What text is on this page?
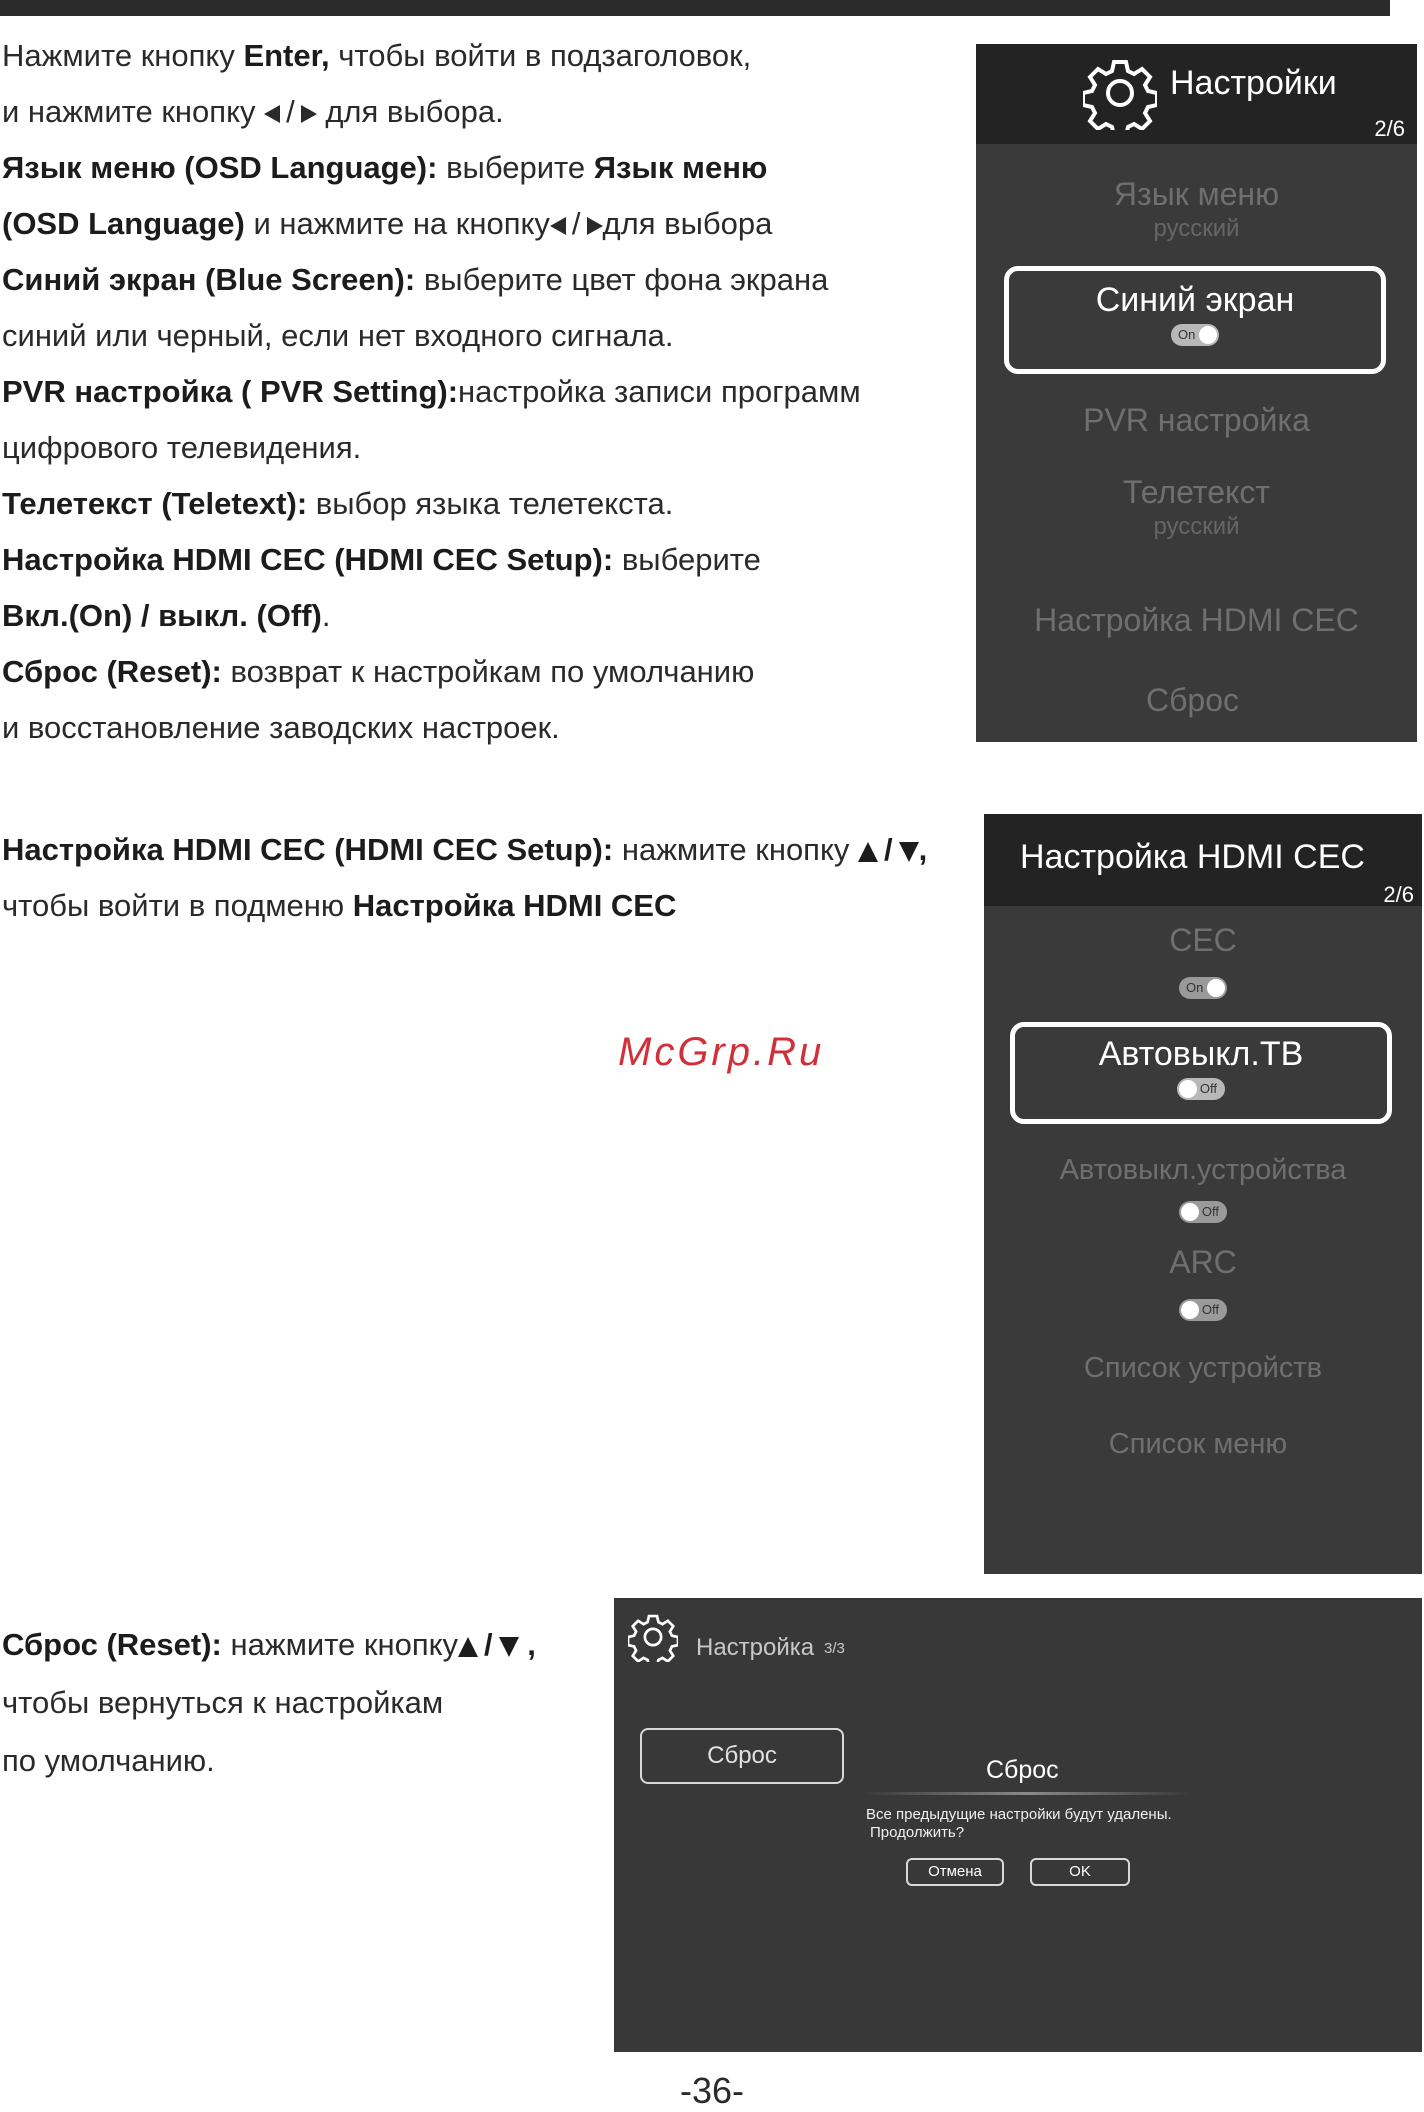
Нажмите кнопку Enter, чтобы войти в подзаголовок,
и нажмите кнопку / для выбора.
Язык меню (OSD Language): выберите Язык меню
(OSD Language) и нажмите на кнопку / для выбора
Синий экран (Blue Screen): выберите цвет фона экрана
синий или черный, если нет входного сигнала.
PVR настройка ( PVR Setting):настройка записи программ
цифрового телевидения.
Телетекст (Teletext): выбор языка телетекста.
Настройка HDMI CEC (HDMI CEC Setup): выберите
Вкл.(On) / выкл. (Off).
Сброс (Reset): возврат к настройкам по умолчанию
и восстановление заводских настроек.
Настройки
2/6
Язык меню
русский
Синий экран
On
PVR настройка
Телетекст
русский
Настройка HDMI CEC
Сброс
Настройка HDMI CEC (HDMI CEC Setup): нажмите кнопку / ,
чтобы войти в подменю Настройка HDMI CEC
Настройка HDMI CEC
2/6
CEC
On
Автовыкл.ТВ
Off
Автовыкл.устройства
Off
ARC
Off
Список устройств
Список меню
McGrp.Ru
Сброс (Reset): нажмите кнопку / ,
чтобы вернуться к настройкам
по умолчанию.
Настройка 3/3
Сброс
Сброс
Все предыдущие настройки будут удалены.
Продолжить?
Отмена	OK
-36-
